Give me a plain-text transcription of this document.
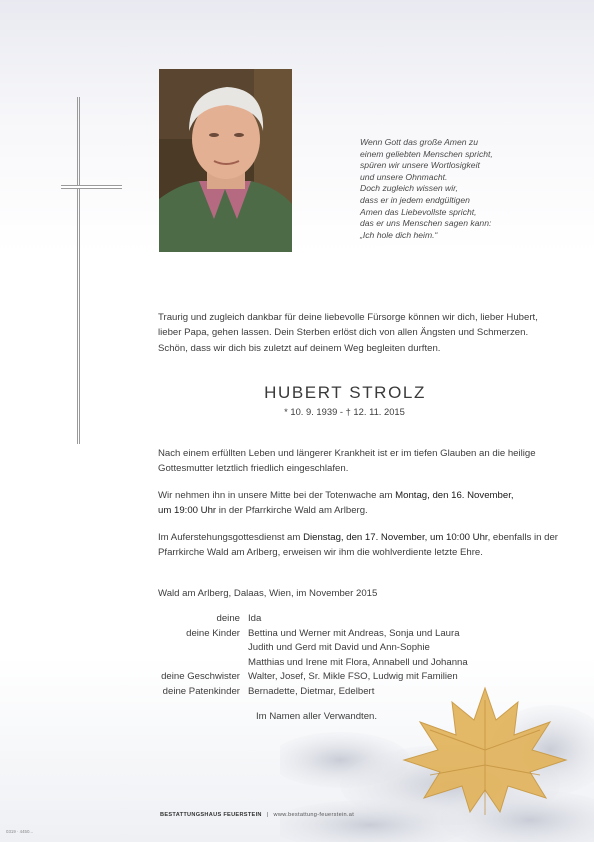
Wenn Gott das große Amen zu
einem geliebten Menschen spricht,
spüren wir unsere Wortlosigkeit
und unsere Ohnmacht.
Doch zugleich wissen wir,
dass er in jedem endgültigen
Amen das Liebevollste spricht,
das er uns Menschen sagen kann:
„Ich hole dich heim.“
Traurig und zugleich dankbar für deine liebevolle Fürsorge können wir dich, lieber Hubert, lieber Papa, gehen lassen. Dein Sterben erlöst dich von allen Ängsten und Schmerzen. Schön, dass wir dich bis zuletzt auf deinem Weg begleiten durften.
HUBERT STROLZ
* 10. 9. 1939 - † 12. 11. 2015
Nach einem erfüllten Leben und längerer Krankheit ist er im tiefen Glauben an die heilige Gottesmutter letztlich friedlich eingeschlafen.
Wir nehmen ihn in unsere Mitte bei der Totenwache am Montag, den 16. November,
um 19:00 Uhr in der Pfarrkirche Wald am Arlberg.
Im Auferstehungsgottesdienst am Dienstag, den 17. November, um 10:00 Uhr, ebenfalls in der Pfarrkirche Wald am Arlberg, erweisen wir ihm die wohlverdiente letzte Ehre.
Wald am Arlberg, Dalaas, Wien, im November 2015
deine Ida
deine Kinder Bettina und Werner mit Andreas, Sonja und Laura
Judith und Gerd mit David und Ann-Sophie
Matthias und Irene mit Flora, Annabell und Johanna
deine Geschwister Walter, Josef, Sr. Mikle FSO, Ludwig mit Familien
deine Patenkinder Bernadette, Dietmar, Edelbert
Im Namen aller Verwandten.
BESTATTUNGSHAUS FEUERSTEIN | www.bestattung-feuerstein.at
0319 · 4450...
